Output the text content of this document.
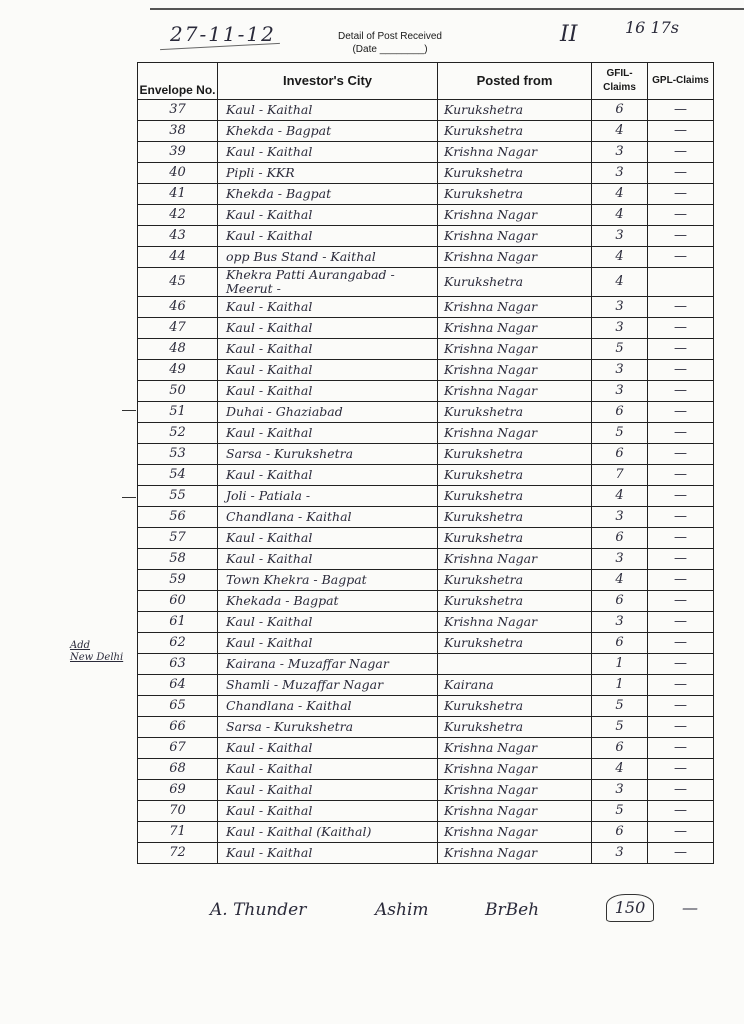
27-11-12	Detail of Post Received
(Date ________)
II	16 17s
Envelope No.	Investor's City	Posted from	GFIL-Claims	GPL-Claims
37	Kaul - Kaithal	Kurukshetra	6	—
38	Khekda - Bagpat	Kurukshetra	4	—
39	Kaul - Kaithal	Krishna Nagar	3	—
40	Pipli - KKR	Kurukshetra	3	—
41	Khekda - Bagpat	Kurukshetra	4	—
42	Kaul - Kaithal	Krishna Nagar	4	—
43	Kaul - Kaithal	Krishna Nagar	3	—
44	opp Bus Stand - Kaithal	Krishna Nagar	4	—
45	Khekra Patti Aurangabad - Meerut -	Kurukshetra	4	
46	Kaul - Kaithal	Krishna Nagar	3	—
47	Kaul - Kaithal	Krishna Nagar	3	—
48	Kaul - Kaithal	Krishna Nagar	5	—
49	Kaul - Kaithal	Krishna Nagar	3	—
50	Kaul - Kaithal	Krishna Nagar	3	—
51	Duhai - Ghaziabad	Kurukshetra	6	—
52	Kaul - Kaithal	Krishna Nagar	5	—
53	Sarsa - Kurukshetra	Kurukshetra	6	—
54	Kaul - Kaithal	Kurukshetra	7	—
55	Joli - Patiala -	Kurukshetra	4	—
56	Chandlana - Kaithal	Kurukshetra	3	—
57	Kaul - Kaithal	Kurukshetra	6	—
58	Kaul - Kaithal	Krishna Nagar	3	—
59	Town Khekra - Bagpat	Kurukshetra	4	—
60	Khekada - Bagpat	Kurukshetra	6	—
61	Kaul - Kaithal	Krishna Nagar	3	—
62	Kaul - Kaithal	Kurukshetra	6	—
63	Kairana - Muzaffar Nagar		1	—
64	Shamli - Muzaffar Nagar	Kairana	1	—
65	Chandlana - Kaithal	Kurukshetra	5	—
66	Sarsa - Kurukshetra	Kurukshetra	5	—
67	Kaul - Kaithal	Krishna Nagar	6	—
68	Kaul - Kaithal	Krishna Nagar	4	—
69	Kaul - Kaithal	Krishna Nagar	3	—
70	Kaul - Kaithal	Krishna Nagar	5	—
71	Kaul - Kaithal (Kaithal)	Krishna Nagar	6	—
72	Kaul - Kaithal	Krishna Nagar	3	—
Add
New Delhi
A. Thunder	Ashim	BrBeh	150	—
